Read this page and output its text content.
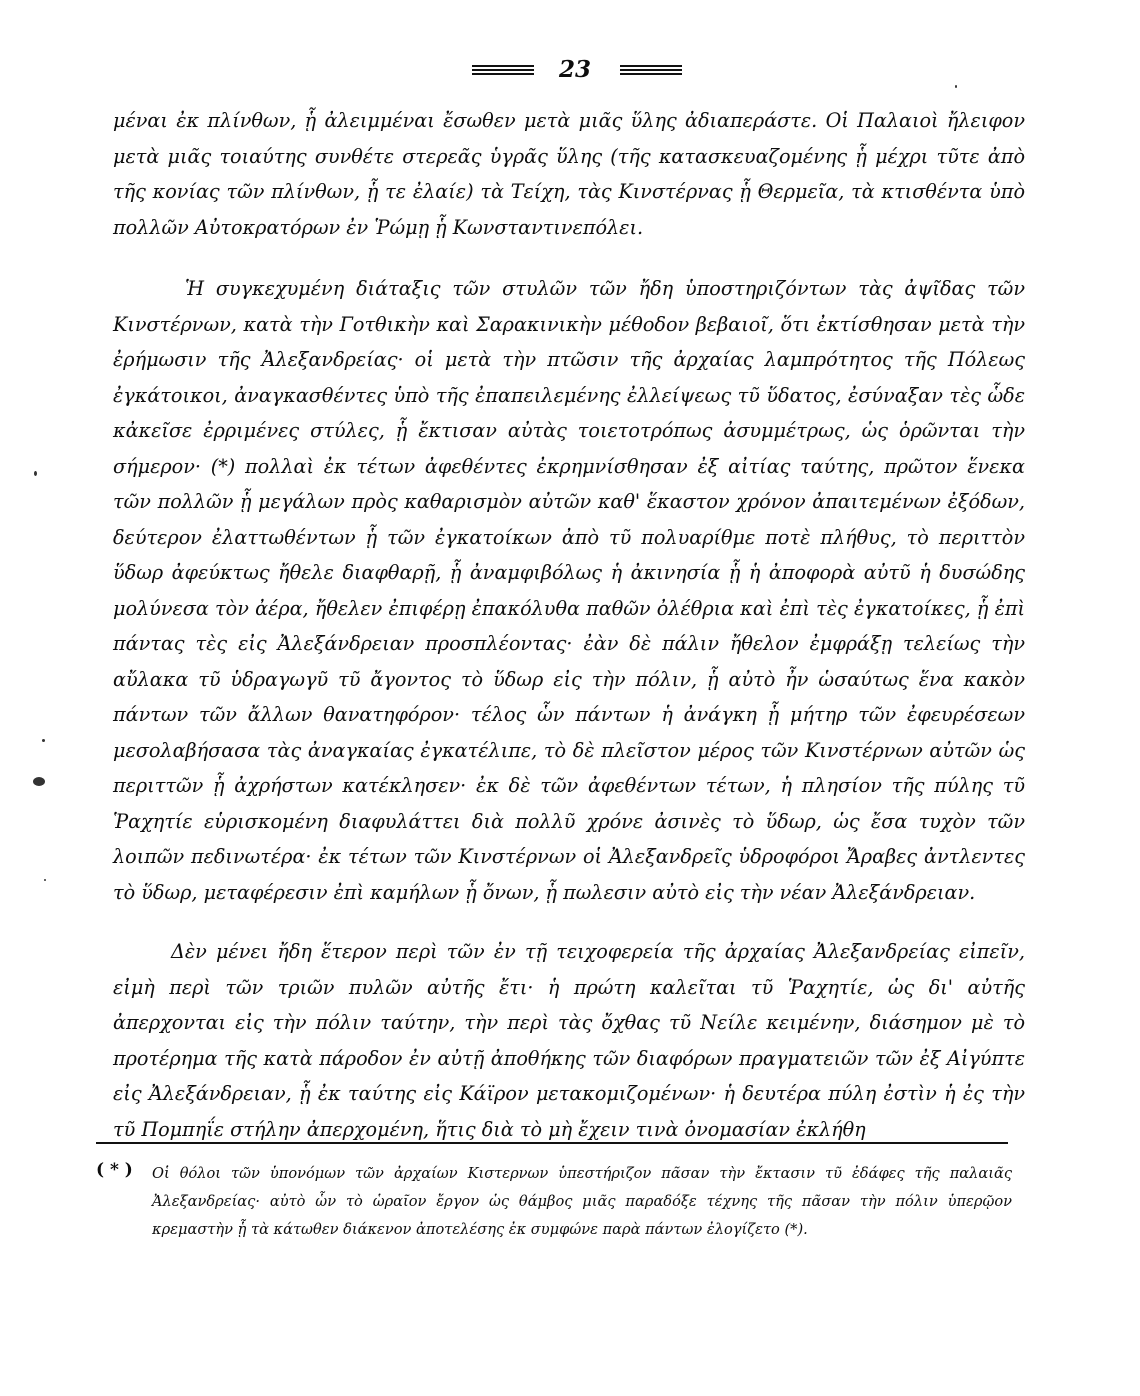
23

μέναι ἐκ πλίνθων, ᾗ ἀλειμμέναι ἔσωθεν μετὰ μιᾶς ὕλης ἀδιαπεράστε. Οἱ Παλαιοὶ ἤλειφον μετὰ μιᾶς τοιαύτης συνθέτε στερεᾶς ὑγρᾶς ὕλης (τῆς κατασκευαζομένης ᾗ μέχρι τῦτε ἀπὸ τῆς κονίας τῶν πλίνθων, ᾗ τε ἐλαίε) τὰ Τείχη, τὰς Κινστέρνας ᾗ Θερμεῖα, τὰ κτισθέντα ὑπὸ πολλῶν Αὐτοκρατόρων ἐν Ῥώμῃ ᾗ Κωνσταντινεπόλει.

Ἡ συγκεχυμένη διάταξις τῶν στυλῶν τῶν ἤδη ὑποστηριζόντων τὰς ἀψῖδας τῶν Κινστέρνων, κατὰ τὴν Γοτθικὴν καὶ Σαρακινικὴν μέθοδον βεβαιοῖ, ὅτι ἐκτίσθησαν μετὰ τὴν ἐρήμωσιν τῆς Ἀλεξανδρείας· οἱ μετὰ τὴν πτῶσιν τῆς ἀρχαίας λαμπρότητος τῆς Πόλεως ἐγκάτοικοι, ἀναγκασθέντες ὑπὸ τῆς ἐπαπειλεμένης ἐλλείψεως τῦ ὕδατος, ἐσύναξαν τὲς ὧδε κἀκεῖσε ἐρριμένες στύλες, ᾗ ἔκτισαν αὐτὰς τοιετοτρόπως ἀσυμμέτρως, ὡς ὁρῶνται τὴν σήμερον· (*) πολλαὶ ἐκ τέτων ἀφεθέντες ἐκρημνίσθησαν ἐξ αἰτίας ταύτης, πρῶτον ἕνεκα τῶν πολλῶν ᾗ μεγάλων πρὸς καθαρισμὸν αὐτῶν καθ' ἕκαστον χρόνον ἀπαιτεμένων ἐξόδων, δεύτερον ἐλαττωθέντων ᾗ τῶν ἐγκατοίκων ἀπὸ τῦ πολυαρίθμε ποτὲ πλήθυς, τὸ περιττὸν ὕδωρ ἀφεύκτως ἤθελε διαφθαρῇ, ᾗ ἀναμφιβόλως ἡ ἀκινησία ᾗ ἡ ἀποφορὰ αὐτῦ ἡ δυσώδης μολύνεσα τὸν ἀέρα, ἤθελεν ἐπιφέρῃ ἐπακόλυθα παθῶν ὀλέθρια καὶ ἐπὶ τὲς ἐγκατοίκες, ᾗ ἐπὶ πάντας τὲς εἰς Ἀλεξάνδρειαν προσπλέοντας· ἐὰν δὲ πάλιν ἤθελον ἐμφράξῃ τελείως τὴν αὔλακα τῦ ὑδραγωγῦ τῦ ἄγοντος τὸ ὕδωρ εἰς τὴν πόλιν, ᾗ αὐτὸ ἦν ὡσαύτως ἕνα κακὸν πάντων τῶν ἄλλων θανατηφόρον· τέλος ὧν πάντων ἡ ἀνάγκη ᾗ μήτηρ τῶν ἐφευρέσεων μεσολαβήσασα τὰς ἀναγκαίας ἐγκατέλιπε, τὸ δὲ πλεῖστον μέρος τῶν Κινστέρνων αὐτῶν ὡς περιττῶν ᾗ ἀχρήστων κατέκλησεν· ἐκ δὲ τῶν ἀφεθέντων τέτων, ἡ πλησίον τῆς πύλης τῦ Ῥαχητίε εὑρισκομένη διαφυλάττει διὰ πολλῦ χρόνε ἀσινὲς τὸ ὕδωρ, ὡς ἔσα τυχὸν τῶν λοιπῶν πεδινωτέρα· ἐκ τέτων τῶν Κινστέρνων οἱ Ἀλεξανδρεῖς ὑδροφόροι Ἄραβες ἀντλεντες τὸ ὕδωρ, μεταφέρεσιν ἐπὶ καμήλων ᾗ ὄνων, ᾗ πωλεσιν αὐτὸ εἰς τὴν νέαν Ἀλεξάνδρειαν.

Δὲν μένει ἤδη ἕτερον περὶ τῶν ἐν τῇ τειχοφερεία τῆς ἀρχαίας Ἀλεξανδρείας εἰπεῖν, εἰμὴ περὶ τῶν τριῶν πυλῶν αὐτῆς ἔτι· ἡ πρώτη καλεῖται τῦ Ῥαχητίε, ὡς δι' αὐτῆς ἀπερχονται εἰς τὴν πόλιν ταύτην, τὴν περὶ τὰς ὄχθας τῦ Νείλε κειμένην, διάσημον μὲ τὸ προτέρημα τῆς κατὰ πάροδον ἐν αὐτῇ ἀποθήκης τῶν διαφόρων πραγματειῶν τῶν ἐξ Αἰγύπτε εἰς Ἀλεξάνδρειαν, ᾗ ἐκ ταύτης εἰς Κάϊρον μετακομιζομένων· ἡ δευτέρα πύλη ἐστὶν ἡ ἐς τὴν τῦ Πομπηΐε στήλην ἀπερχομένη, ἥτις διὰ τὸ μὴ ἔχειν τινὰ ὀνομασίαν ἐκλήθη

( * ) Οἱ θόλοι τῶν ὑπονόμων τῶν ἀρχαίων Κιστερνων ὑπεστήριζον πᾶσαν τὴν ἔκτασιν τῦ ἐδάφες τῆς παλαιᾶς Ἀλεξανδρείας· αὐτὸ ὧν τὸ ὡραῖον ἔργον ὡς θάμβος μιᾶς παραδόξε τέχνης τῆς πᾶσαν τὴν πόλιν ὑπερῷον κρεμαστὴν ᾗ τὰ κάτωθεν διάκενον ἀποτελέσης ἐκ συμφώνε παρὰ πάντων ἐλογίζετο (*).
